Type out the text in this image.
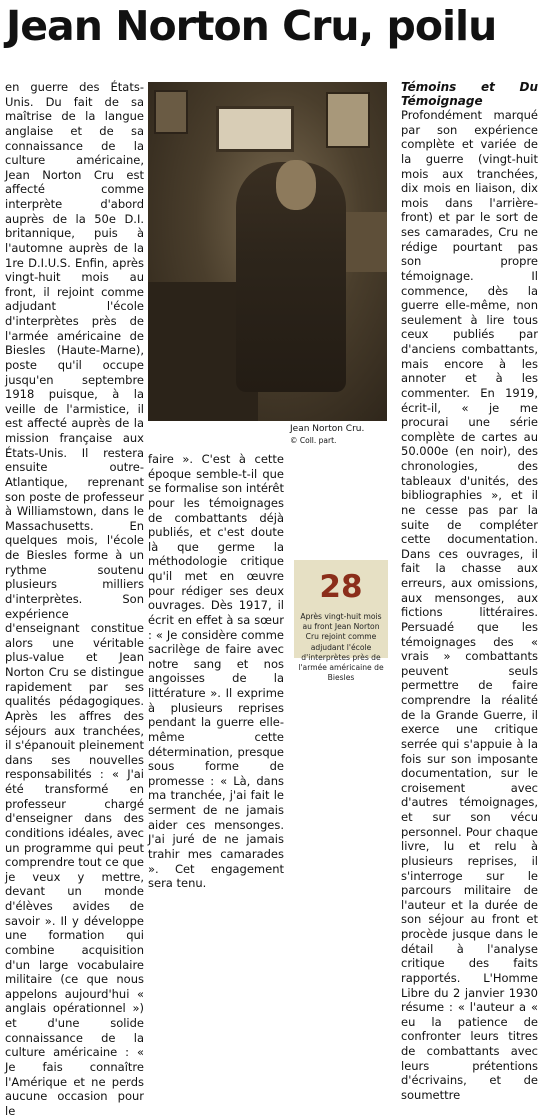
Jean Norton Cru, poilu

en guerre des États-Unis. Du fait de sa maîtrise de la langue anglaise et de sa connaissance de la culture américaine, Jean Norton Cru est affecté comme interprète d'abord auprès de la 50e D.I. britannique, puis à l'automne auprès de la 1re D.I.U.S. Enfin, après vingt-huit mois au front, il rejoint comme adjudant l'école d'interprètes près de l'armée américaine de Biesles (Haute-Marne), poste qu'il occupe jusqu'en septembre 1918 puisque, à la veille de l'armistice, il est affecté auprès de la mission française aux États-Unis. Il restera ensuite outre-Atlantique, reprenant son poste de professeur à Williamstown, dans le Massachusetts. En quelques mois, l'école de Biesles forme à un rythme soutenu plusieurs milliers d'interprètes. Son expérience d'enseignant constitue alors une véritable plus-value et Jean Norton Cru se distingue rapidement par ses qualités pédagogiques. Après les affres des séjours aux tranchées, il s'épanouit pleinement dans ses nouvelles responsabilités : « J'ai été transformé en professeur chargé d'enseigner dans des conditions idéales, avec un programme qui peut comprendre tout ce que je veux y mettre, devant un monde d'élèves avides de savoir ». Il y développe une formation qui combine acquisition d'un large vocabulaire militaire (ce que nous appelons aujourd'hui « anglais opérationnel ») et d'une solide connaissance de la culture américaine : « Je fais connaître l'Amérique et ne perds aucune occasion pour le

Jean Norton Cru.
© Coll. part.

faire ». C'est à cette époque semble-t-il que se formalise son intérêt pour les témoignages de combattants déjà publiés, et c'est doute là que germe la méthodologie critique qu'il met en œuvre pour rédiger ses deux ouvrages. Dès 1917, il écrit en effet à sa sœur : « Je considère comme sacrilège de faire avec notre sang et nos angoisses de la littérature ». Il exprime à plusieurs reprises pendant la guerre elle-même cette détermination, presque sous forme de promesse : « Là, dans ma tranchée, j'ai fait le serment de ne jamais aider ces mensonges. J'ai juré de ne jamais trahir mes camarades ». Cet engagement sera tenu.

28
Après vingt-huit mois au front Jean Norton Cru rejoint comme adjudant l'école d'interprètes près de l'armée américaine de Biesles
Témoins et Du Témoignage

Profondément marqué par son expérience complète et variée de la guerre (vingt-huit mois aux tranchées, dix mois en liaison, dix mois dans l'arrière-front) et par le sort de ses camarades, Cru ne rédige pourtant pas son propre témoignage. Il commence, dès la guerre elle-même, non seulement à lire tous ceux publiés par d'anciens combattants, mais encore à les annoter et à les commenter. En 1919, écrit-il, « je me procurai une série complète de cartes au 50.000e (en noir), des chronologies, des tableaux d'unités, des bibliographies », et il ne cesse pas par la suite de compléter cette documentation. Dans ces ouvrages, il fait la chasse aux erreurs, aux omissions, aux mensonges, aux fictions littéraires. Persuadé que les témoignages des « vrais » combattants peuvent seuls permettre de faire comprendre la réalité de la Grande Guerre, il exerce une critique serrée qui s'appuie à la fois sur son imposante documentation, sur le croisement avec d'autres témoignages, et sur son vécu personnel. Pour chaque livre, lu et relu à plusieurs reprises, il s'interroge sur le parcours militaire de l'auteur et la durée de son séjour au front et procède jusque dans le détail à l'analyse critique des faits rapportés. L'Homme Libre du 2 janvier 1930 résume : « l'auteur a « eu la patience de confronter leurs titres de combattants avec leurs prétentions d'écrivains, et de soumettre
